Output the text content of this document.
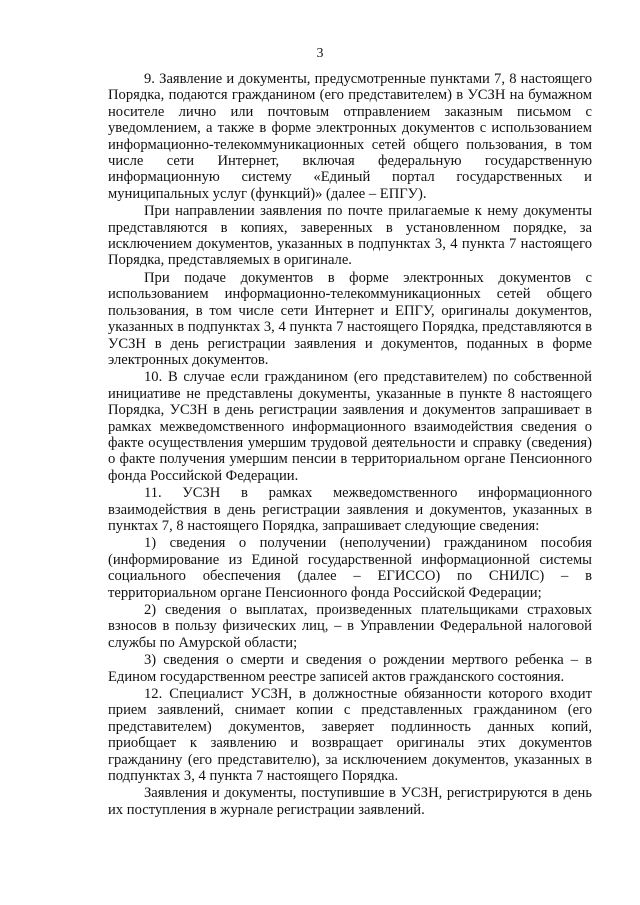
3

9. Заявление и документы, предусмотренные пунктами 7, 8 настоящего Порядка, подаются гражданином (его представителем) в УСЗН на бумажном носителе лично или почтовым отправлением заказным письмом с уведомлением, а также в форме электронных документов с использованием информационно-телекоммуникационных сетей общего пользования, в том числе сети Интернет, включая федеральную государственную информационную систему «Единый портал государственных и муниципальных услуг (функций)» (далее – ЕПГУ).

При направлении заявления по почте прилагаемые к нему документы представляются в копиях, заверенных в установленном порядке, за исключением документов, указанных в подпунктах 3, 4 пункта 7 настоящего Порядка, представляемых в оригинале.

При подаче документов в форме электронных документов с использованием информационно-телекоммуникационных сетей общего пользования, в том числе сети Интернет и ЕПГУ, оригиналы документов, указанных в подпунктах 3, 4 пункта 7 настоящего Порядка, представляются в УСЗН в день регистрации заявления и документов, поданных в форме электронных документов.

10. В случае если гражданином (его представителем) по собственной инициативе не представлены документы, указанные в пункте 8 настоящего Порядка, УСЗН в день регистрации заявления и документов запрашивает в рамках межведомственного информационного взаимодействия сведения о факте осуществления умершим трудовой деятельности и справку (сведения) о факте получения умершим пенсии в территориальном органе Пенсионного фонда Российской Федерации.

11. УСЗН в рамках межведомственного информационного взаимодействия в день регистрации заявления и документов, указанных в пунктах 7, 8 настоящего Порядка, запрашивает следующие сведения:

1) сведения о получении (неполучении) гражданином пособия (информирование из Единой государственной информационной системы социального обеспечения (далее – ЕГИССО) по СНИЛС) – в территориальном органе Пенсионного фонда Российской Федерации;

2) сведения о выплатах, произведенных плательщиками страховых взносов в пользу физических лиц, – в Управлении Федеральной налоговой службы по Амурской области;

3) сведения о смерти и сведения о рождении мертвого ребенка – в Едином государственном реестре записей актов гражданского состояния.

12. Специалист УСЗН, в должностные обязанности которого входит прием заявлений, снимает копии с представленных гражданином (его представителем) документов, заверяет подлинность данных копий, приобщает к заявлению и возвращает оригиналы этих документов гражданину (его представителю), за исключением документов, указанных в подпунктах 3, 4 пункта 7 настоящего Порядка.

Заявления и документы, поступившие в УСЗН, регистрируются в день их поступления в журнале регистрации заявлений.
